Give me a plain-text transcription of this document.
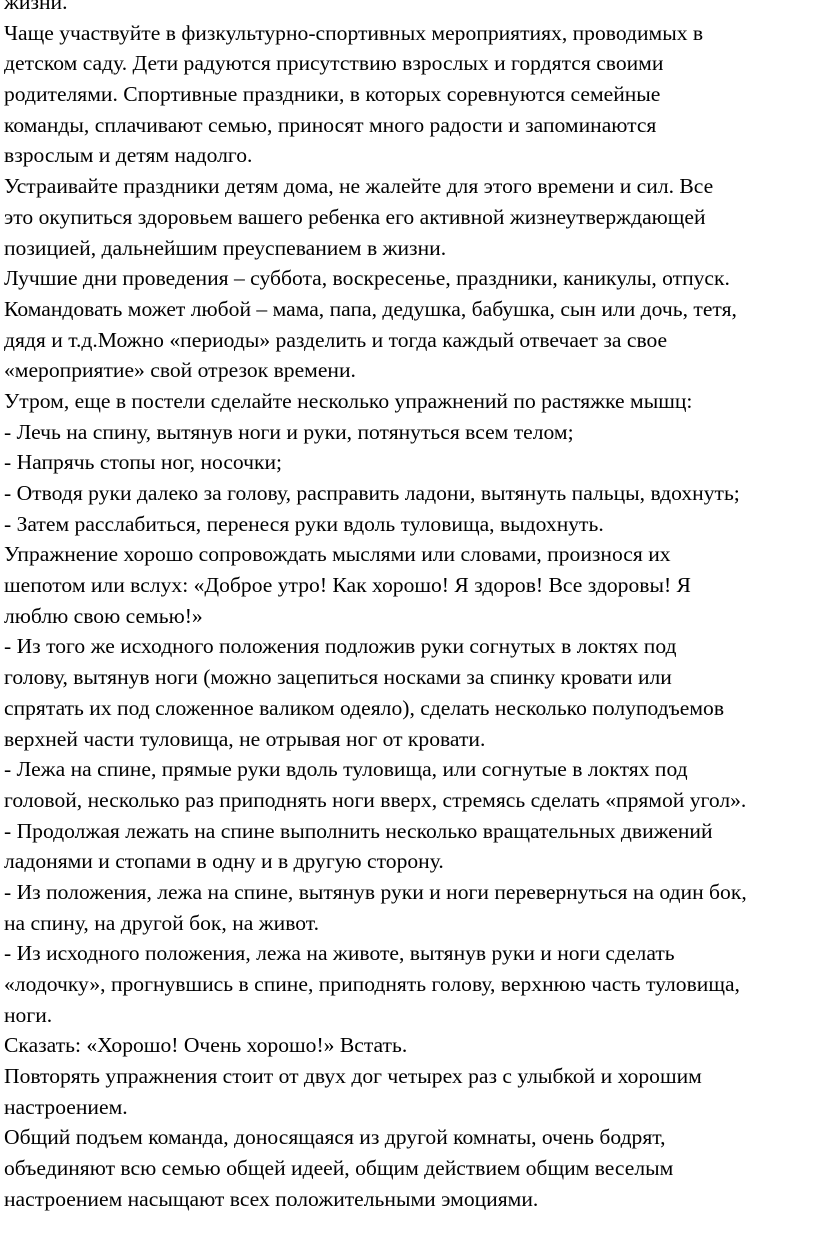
жизни.
Чаще участвуйте в физкультурно-спортивных мероприятиях, проводимых в
детском саду. Дети радуются присутствию взрослых и гордятся своими
родителями. Спортивные праздники, в которых соревнуются семейные
команды, сплачивают семью, приносят много радости и запоминаются
взрослым и детям надолго.
Устраивайте праздники детям дома, не жалейте для этого времени и сил. Все
это окупиться здоровьем вашего ребенка его активной жизнеутверждающей
позицией, дальнейшим преуспеванием в жизни.
Лучшие дни проведения – суббота, воскресенье, праздники, каникулы, отпуск.
Командовать может любой – мама, папа, дедушка, бабушка, сын или дочь, тетя,
дядя и т.д.Можно «периоды» разделить и тогда каждый отвечает за свое
«мероприятие» свой отрезок времени.
Утром, еще в постели сделайте несколько упражнений по растяжке мышц:
- Лечь на спину, вытянув ноги и руки, потянуться всем телом;
- Напрячь стопы ног, носочки;
- Отводя руки далеко за голову, расправить ладони, вытянуть пальцы, вдохнуть;
- Затем расслабиться, перенеся руки вдоль туловища, выдохнуть.
Упражнение хорошо сопровождать мыслями или словами, произнося их
шепотом или вслух: «Доброе утро! Как хорошо! Я здоров! Все здоровы! Я
люблю свою семью!»
- Из того же исходного положения подложив руки согнутых в локтях под
голову, вытянув ноги (можно зацепиться носками за спинку кровати или
спрятать их под сложенное валиком одеяло), сделать несколько полуподъемов
верхней части туловища, не отрывая ног от кровати.
- Лежа на спине, прямые руки вдоль туловища, или согнутые в локтях под
головой, несколько раз приподнять ноги вверх, стремясь сделать «прямой угол».
- Продолжая лежать на спине выполнить несколько вращательных движений
ладонями и стопами в одну и в другую сторону.
- Из положения, лежа на спине, вытянув руки и ноги перевернуться на один бок,
на спину, на другой бок, на живот.
- Из исходного положения, лежа на животе, вытянув руки и ноги сделать
«лодочку», прогнувшись в спине, приподнять голову, верхнюю часть туловища,
ноги.
Сказать: «Хорошо! Очень хорошо!» Встать.
Повторять упражнения стоит от двух дог четырех раз с улыбкой и хорошим
настроением.
Общий подъем команда, доносящаяся из другой комнаты, очень бодрят,
объединяют всю семью общей идеей, общим действием общим веселым
настроением насыщают всех положительными эмоциями.
